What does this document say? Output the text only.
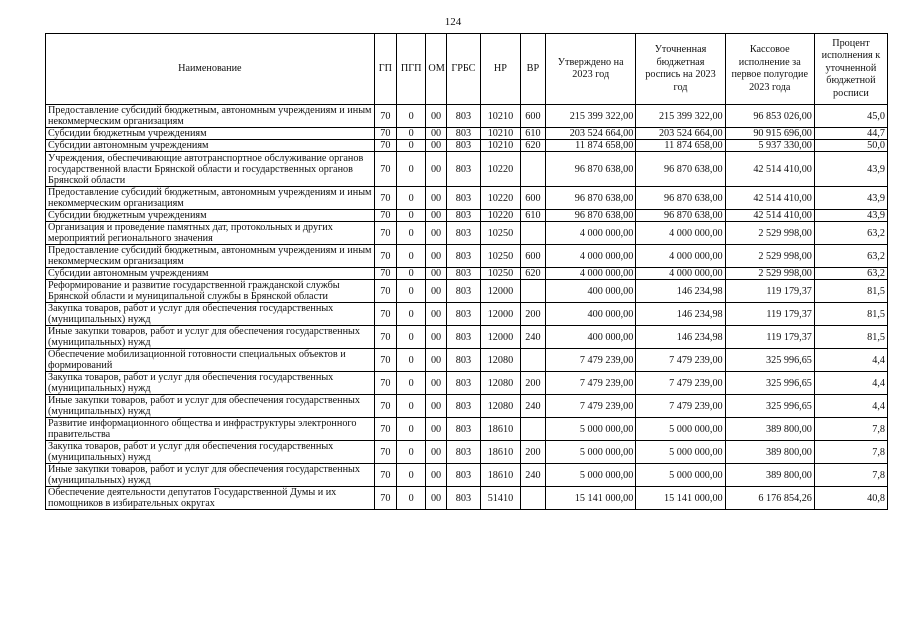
124
Наименование	ГП	ПГП	ОМ	ГРБС	НР	ВР	Утверждено на 2023 год	Уточненная бюджетная роспись на 2023 год	Кассовое исполнение за первое полугодие 2023 года	Процент исполнения к уточненной бюджетной росписи
Предоставление субсидий бюджетным, автономным учреждениям и иным некоммерческим организациям	70	0	00	803	10210	600	215 399 322,00	215 399 322,00	96 853 026,00	45,0
Субсидии бюджетным учреждениям	70	0	00	803	10210	610	203 524 664,00	203 524 664,00	90 915 696,00	44,7
Субсидии автономным учреждениям	70	0	00	803	10210	620	11 874 658,00	11 874 658,00	5 937 330,00	50,0
Учреждения, обеспечивающие автотранспортное обслуживание органов государственной власти Брянской области и государственных органов Брянской области	70	0	00	803	10220		96 870 638,00	96 870 638,00	42 514 410,00	43,9
Предоставление субсидий бюджетным, автономным учреждениям и иным некоммерческим организациям	70	0	00	803	10220	600	96 870 638,00	96 870 638,00	42 514 410,00	43,9
Субсидии бюджетным учреждениям	70	0	00	803	10220	610	96 870 638,00	96 870 638,00	42 514 410,00	43,9
Организация и проведение памятных дат, протокольных и других мероприятий регионального значения	70	0	00	803	10250		4 000 000,00	4 000 000,00	2 529 998,00	63,2
Предоставление субсидий бюджетным, автономным учреждениям и иным некоммерческим организациям	70	0	00	803	10250	600	4 000 000,00	4 000 000,00	2 529 998,00	63,2
Субсидии автономным учреждениям	70	0	00	803	10250	620	4 000 000,00	4 000 000,00	2 529 998,00	63,2
Реформирование и развитие государственной гражданской службы Брянской области и муниципальной службы в Брянской области	70	0	00	803	12000		400 000,00	146 234,98	119 179,37	81,5
Закупка товаров, работ и услуг для обеспечения государственных (муниципальных) нужд	70	0	00	803	12000	200	400 000,00	146 234,98	119 179,37	81,5
Иные закупки товаров, работ и услуг для обеспечения государственных (муниципальных) нужд	70	0	00	803	12000	240	400 000,00	146 234,98	119 179,37	81,5
Обеспечение мобилизационной готовности специальных объектов и формирований	70	0	00	803	12080		7 479 239,00	7 479 239,00	325 996,65	4,4
Закупка товаров, работ и услуг для обеспечения государственных (муниципальных) нужд	70	0	00	803	12080	200	7 479 239,00	7 479 239,00	325 996,65	4,4
Иные закупки товаров, работ и услуг для обеспечения государственных (муниципальных) нужд	70	0	00	803	12080	240	7 479 239,00	7 479 239,00	325 996,65	4,4
Развитие информационного общества и инфраструктуры электронного правительства	70	0	00	803	18610		5 000 000,00	5 000 000,00	389 800,00	7,8
Закупка товаров, работ и услуг для обеспечения государственных (муниципальных) нужд	70	0	00	803	18610	200	5 000 000,00	5 000 000,00	389 800,00	7,8
Иные закупки товаров, работ и услуг для обеспечения государственных (муниципальных) нужд	70	0	00	803	18610	240	5 000 000,00	5 000 000,00	389 800,00	7,8
Обеспечение деятельности депутатов Государственной Думы и их помощников в избирательных округах	70	0	00	803	51410		15 141 000,00	15 141 000,00	6 176 854,26	40,8
